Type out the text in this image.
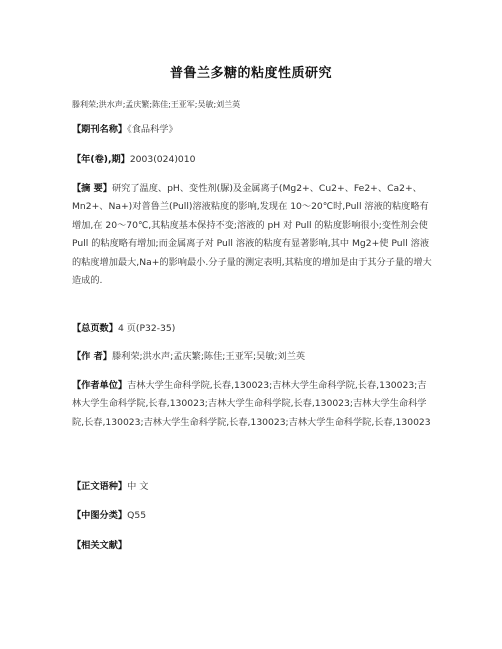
普鲁兰多糖的粘度性质研究
滕利荣;洪水声;孟庆繁;陈佳;王亚军;吴敏;刘兰英
【期刊名称】《食品科学》
【年(卷),期】2003(024)010
【摘 要】研究了温度、pH、变性剂(脲)及金属离子(Mg2+、Cu2+、Fe2+、Ca2+、Mn2+、Na+)对普鲁兰(Pull)溶液粘度的影响,发现在 10～20℃时,Pull 溶液的粘度略有增加,在 20～70℃,其粘度基本保持不变;溶液的 pH 对 Pull 的粘度影响很小;变性剂会使 Pull 的粘度略有增加;而金属离子对 Pull 溶液的粘度有显著影响,其中 Mg2+使 Pull 溶液的粘度增加最大,Na+的影响最小.分子量的测定表明,其粘度的增加是由于其分子量的增大造成的.
【总页数】4 页(P32-35)
【作 者】滕利荣;洪水声;孟庆繁;陈佳;王亚军;吴敏;刘兰英
【作者单位】吉林大学生命科学院,长春,130023;吉林大学生命科学院,长春,130023;吉林大学生命科学院,长春,130023;吉林大学生命科学院,长春,130023;吉林大学生命科学院,长春,130023;吉林大学生命科学院,长春,130023;吉林大学生命科学院,长春,130023
【正文语种】中 文
【中图分类】Q55
【相关文献】
